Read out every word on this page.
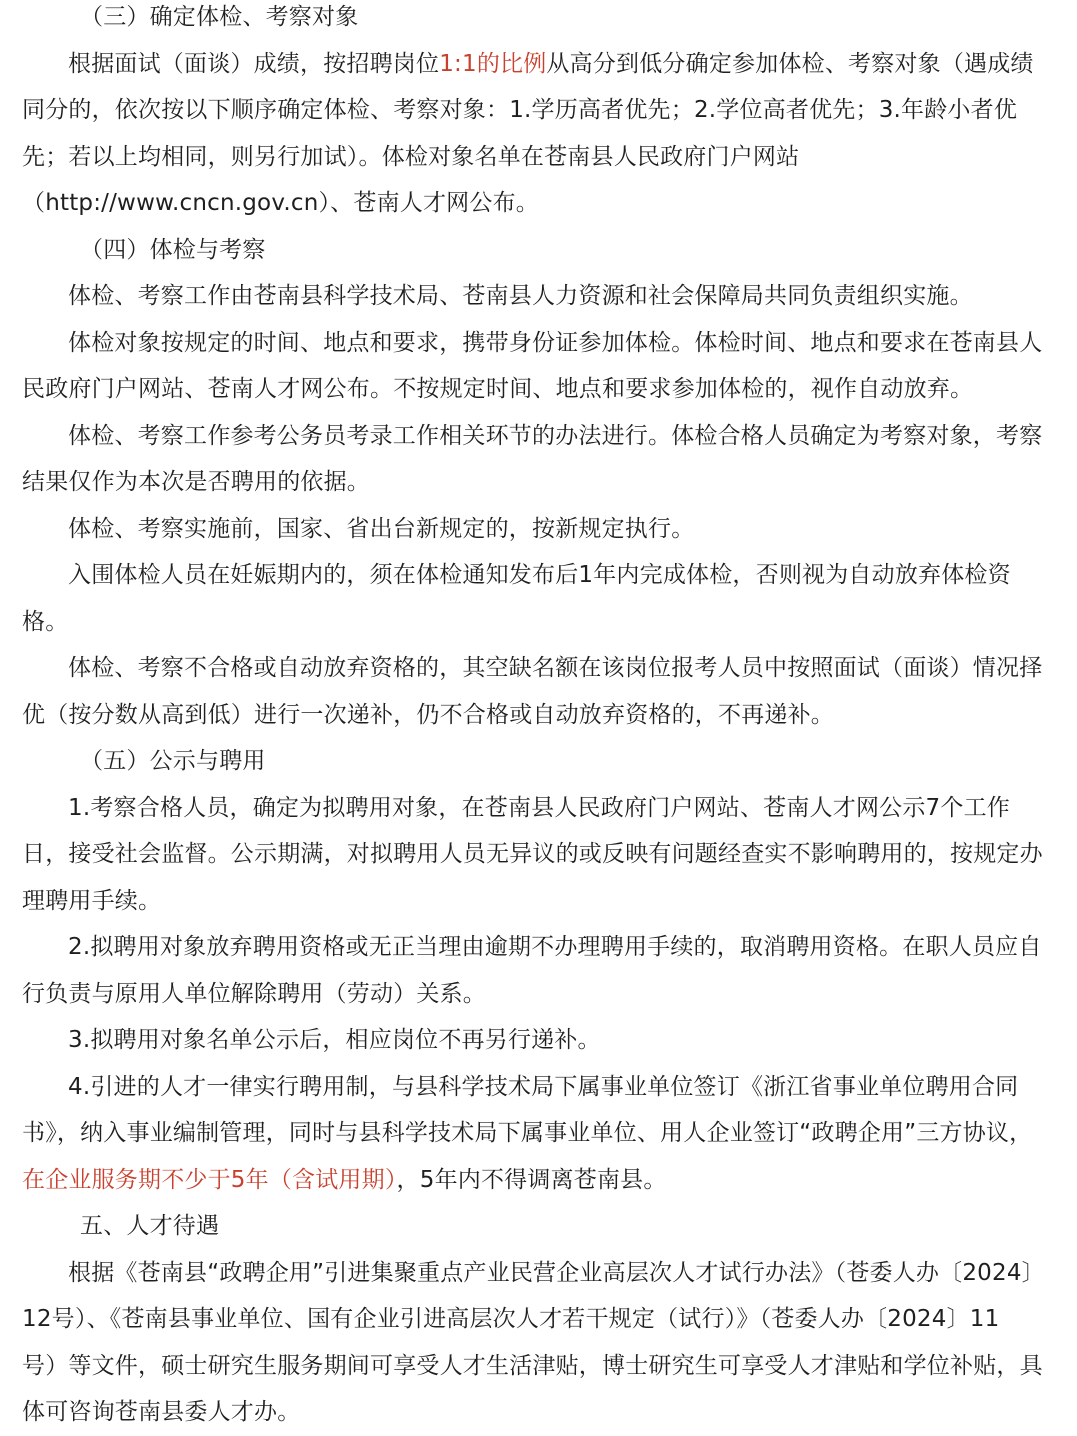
（三）确定体检、考察对象
根据面试（面谈）成绩，按招聘岗位1:1的比例从高分到低分确定参加体检、考察对象（遇成绩
同分的，依次按以下顺序确定体检、考察对象：1.学历高者优先；2.学位高者优先；3.年龄小者优
先；若以上均相同，则另行加试）。体检对象名单在苍南县人民政府门户网站
（http://www.cncn.gov.cn）、苍南人才网公布。
（四）体检与考察
体检、考察工作由苍南县科学技术局、苍南县人力资源和社会保障局共同负责组织实施。
体检对象按规定的时间、地点和要求，携带身份证参加体检。体检时间、地点和要求在苍南县人
民政府门户网站、苍南人才网公布。不按规定时间、地点和要求参加体检的，视作自动放弃。
体检、考察工作参考公务员考录工作相关环节的办法进行。体检合格人员确定为考察对象，考察
结果仅作为本次是否聘用的依据。
体检、考察实施前，国家、省出台新规定的，按新规定执行。
入围体检人员在妊娠期内的，须在体检通知发布后1年内完成体检，否则视为自动放弃体检资
格。
体检、考察不合格或自动放弃资格的，其空缺名额在该岗位报考人员中按照面试（面谈）情况择
优（按分数从高到低）进行一次递补，仍不合格或自动放弃资格的，不再递补。
（五）公示与聘用
1.考察合格人员，确定为拟聘用对象，在苍南县人民政府门户网站、苍南人才网公示7个工作
日，接受社会监督。公示期满，对拟聘用人员无异议的或反映有问题经查实不影响聘用的，按规定办
理聘用手续。
2.拟聘用对象放弃聘用资格或无正当理由逾期不办理聘用手续的，取消聘用资格。在职人员应自
行负责与原用人单位解除聘用（劳动）关系。
3.拟聘用对象名单公示后，相应岗位不再另行递补。
4.引进的人才一律实行聘用制，与县科学技术局下属事业单位签订《浙江省事业单位聘用合同
书》，纳入事业编制管理，同时与县科学技术局下属事业单位、用人企业签订“政聘企用”三方协议，
在企业服务期不少于5年（含试用期），5年内不得调离苍南县。
五、人才待遇
根据《苍南县“政聘企用”引进集聚重点产业民营企业高层次人才试行办法》（苍委人办〔2024〕
12号）、《苍南县事业单位、国有企业引进高层次人才若干规定（试行）》（苍委人办〔2024〕11
号）等文件，硕士研究生服务期间可享受人才生活津贴，博士研究生可享受人才津贴和学位补贴，具
体可咨询苍南县委人才办。
